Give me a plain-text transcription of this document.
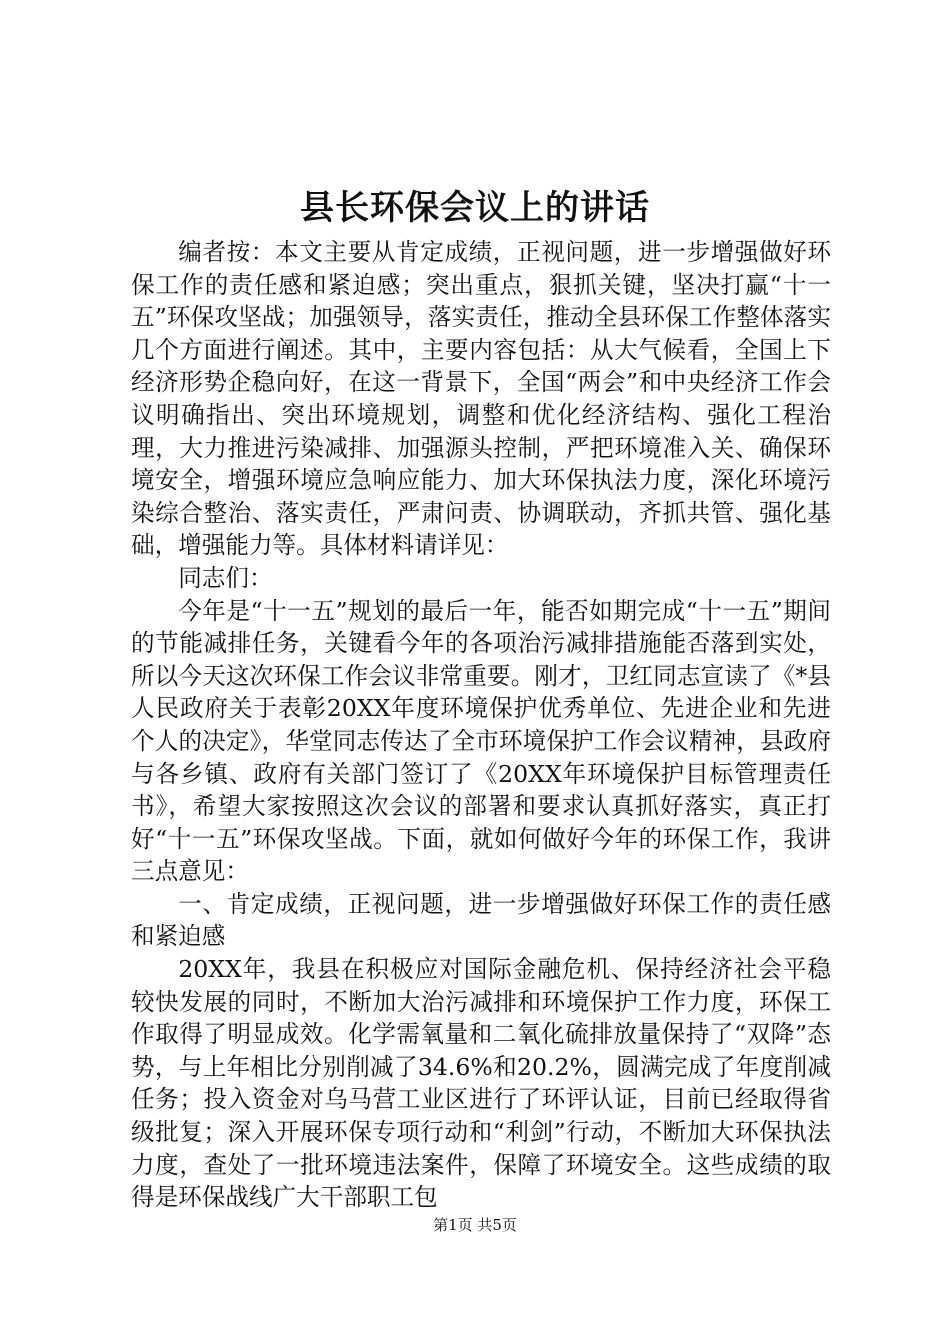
县长环保会议上的讲话

编者按：本文主要从肯定成绩，正视问题，进一步增强做好环保工作的责任感和紧迫感；突出重点，狠抓关键，坚决打赢“十一五”环保攻坚战；加强领导，落实责任，推动全县环保工作整体落实几个方面进行阐述。其中，主要内容包括：从大气候看，全国上下经济形势企稳向好，在这一背景下，全国“两会”和中央经济工作会议明确指出、突出环境规划，调整和优化经济结构、强化工程治理，大力推进污染减排、加强源头控制，严把环境准入关、确保环境安全，增强环境应急响应能力、加大环保执法力度，深化环境污染综合整治、落实责任，严肃问责、协调联动，齐抓共管、强化基础，增强能力等。具体材料请详见：

同志们：

今年是“十一五”规划的最后一年，能否如期完成“十一五”期间的节能减排任务，关键看今年的各项治污减排措施能否落到实处，所以今天这次环保工作会议非常重要。刚才，卫红同志宣读了《*县人民政府关于表彰20XX年度环境保护优秀单位、先进企业和先进个人的决定》，华堂同志传达了全市环境保护工作会议精神，县政府与各乡镇、政府有关部门签订了《20XX年环境保护目标管理责任书》，希望大家按照这次会议的部署和要求认真抓好落实，真正打好“十一五”环保攻坚战。下面，就如何做好今年的环保工作，我讲三点意见：

一、肯定成绩，正视问题，进一步增强做好环保工作的责任感和紧迫感

20XX年，我县在积极应对国际金融危机、保持经济社会平稳较快发展的同时，不断加大治污减排和环境保护工作力度，环保工作取得了明显成效。化学需氧量和二氧化硫排放量保持了“双降”态势，与上年相比分别削减了34.6%和20.2%，圆满完成了年度削减任务；投入资金对乌马营工业区进行了环评认证，目前已经取得省级批复；深入开展环保专项行动和“利剑”行动，不断加大环保执法力度，查处了一批环境违法案件，保障了环境安全。这些成绩的取得是环保战线广大干部职工包

第1页 共5页
